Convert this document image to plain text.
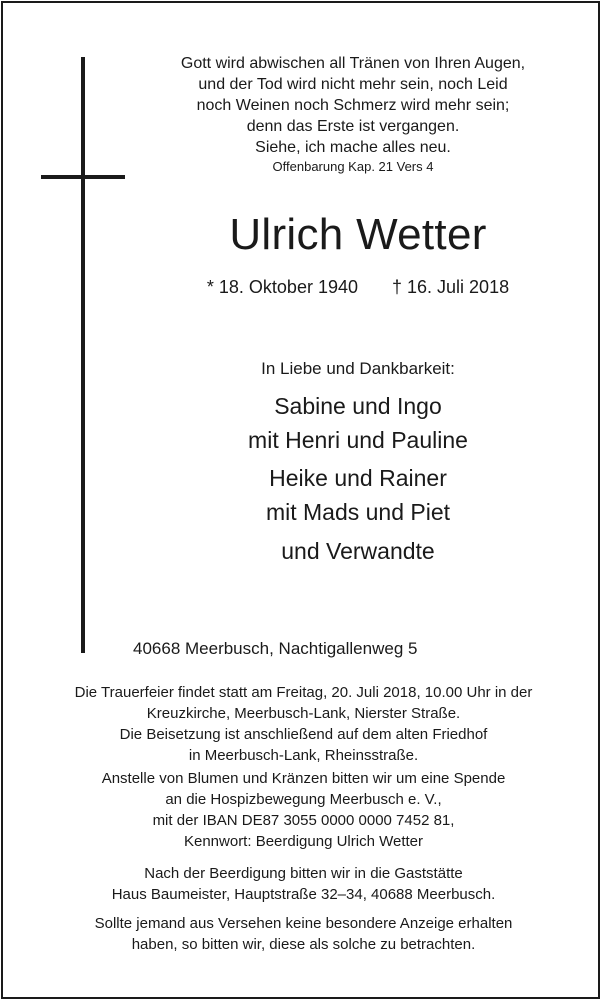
Gott wird abwischen all Tränen von Ihren Augen,
und der Tod wird nicht mehr sein, noch Leid
noch Weinen noch Schmerz wird mehr sein;
denn das Erste ist vergangen.
Siehe, ich mache alles neu.
Offenbarung Kap. 21 Vers 4
Ulrich Wetter
* 18. Oktober 1940 † 16. Juli 2018
In Liebe und Dankbarkeit:
Sabine und Ingo
mit Henri und Pauline
Heike und Rainer
mit Mads und Piet
und Verwandte
40668 Meerbusch, Nachtigallenweg 5
Die Trauerfeier findet statt am Freitag, 20. Juli 2018, 10.00 Uhr in der
Kreuzkirche, Meerbusch-Lank, Nierster Straße.
Die Beisetzung ist anschließend auf dem alten Friedhof
in Meerbusch-Lank, Rheinsstraße.
Anstelle von Blumen und Kränzen bitten wir um eine Spende
an die Hospizbewegung Meerbusch e. V.,
mit der IBAN DE87 3055 0000 0000 7452 81,
Kennwort: Beerdigung Ulrich Wetter
Nach der Beerdigung bitten wir in die Gaststätte
Haus Baumeister, Hauptstraße 32–34, 40688 Meerbusch.
Sollte jemand aus Versehen keine besondere Anzeige erhalten
haben, so bitten wir, diese als solche zu betrachten.
